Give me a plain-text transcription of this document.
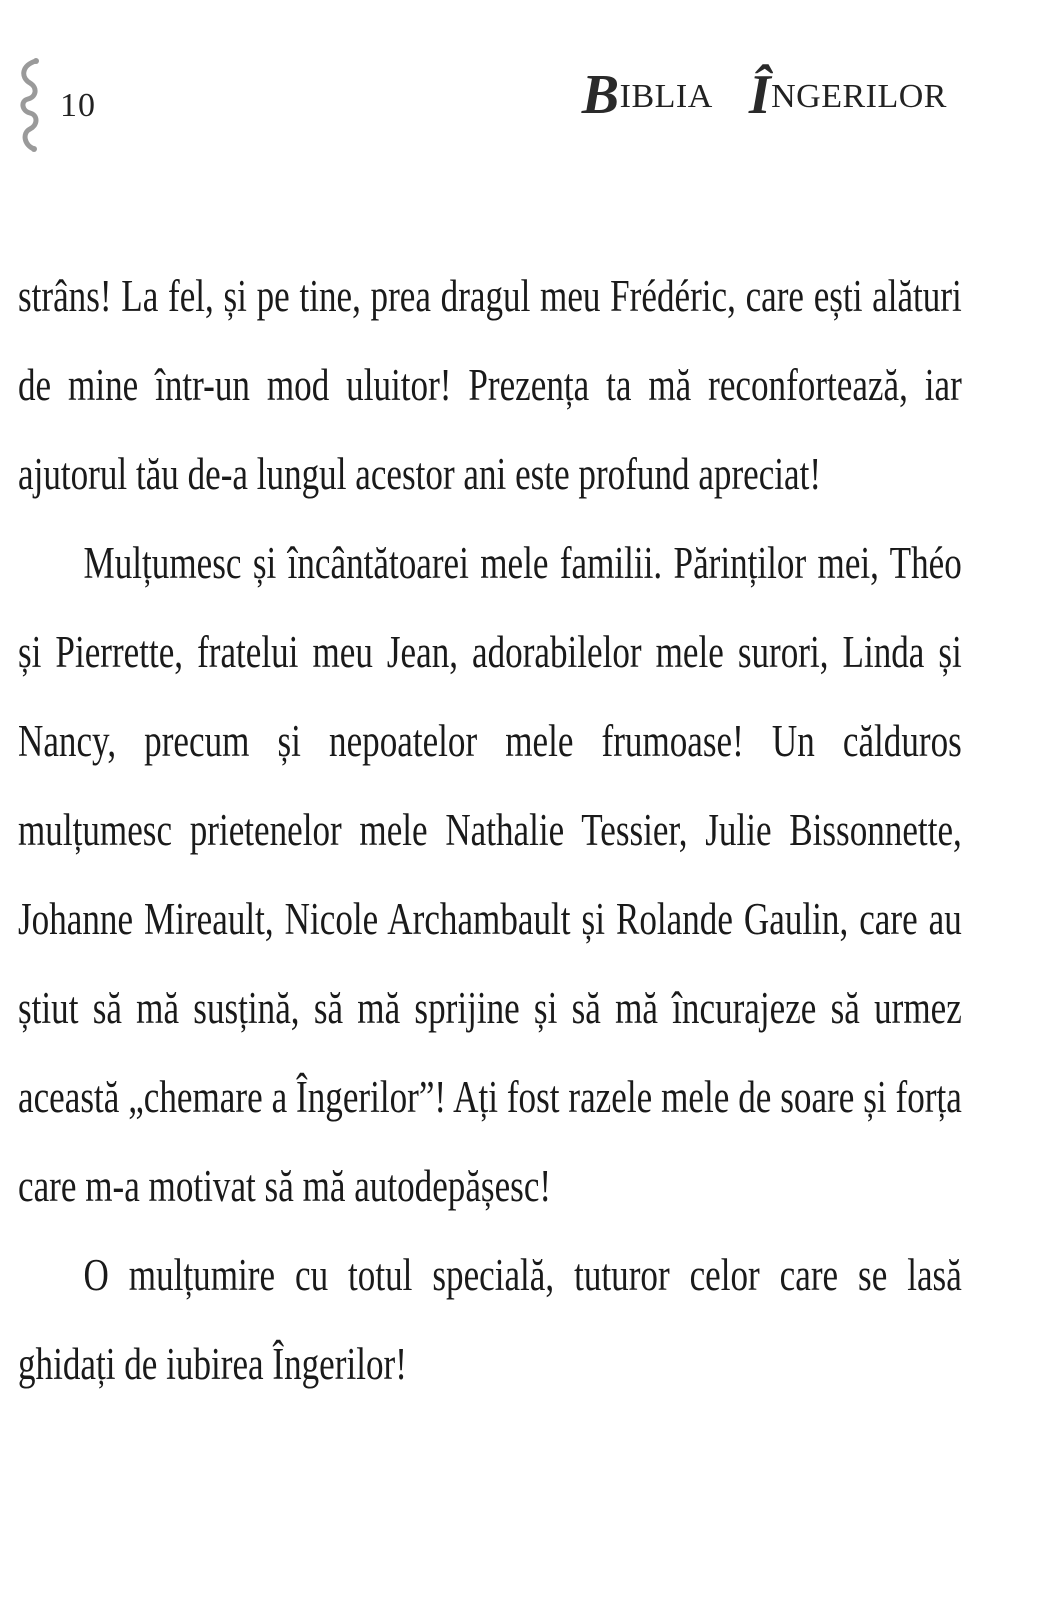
10	BIBLIA ÎNGERILOR

strâns! La fel, și pe tine, prea dragul meu Frédéric, care ești alături de mine într-un mod uluitor! Prezența ta mă reconfortează, iar ajutorul tău de-a lungul acestor ani este profund apreciat!

Mulțumesc și încântătoarei mele familii. Părinților mei, Théo și Pierrette, fratelui meu Jean, adorabilelor mele surori, Linda și Nancy, precum și nepoatelor mele frumoase! Un călduros mulțumesc prietenelor mele Nathalie Tessier, Julie Bissonnette, Johanne Mireault, Nicole Archambault și Rolande Gaulin, care au știut să mă susțină, să mă sprijine și să mă încurajeze să urmez această „chemare a Îngerilor”! Ați fost razele mele de soare și forța care m-a motivat să mă autodepășesc!

O mulțumire cu totul specială, tuturor celor care se lasă ghidați de iubirea Îngerilor!
